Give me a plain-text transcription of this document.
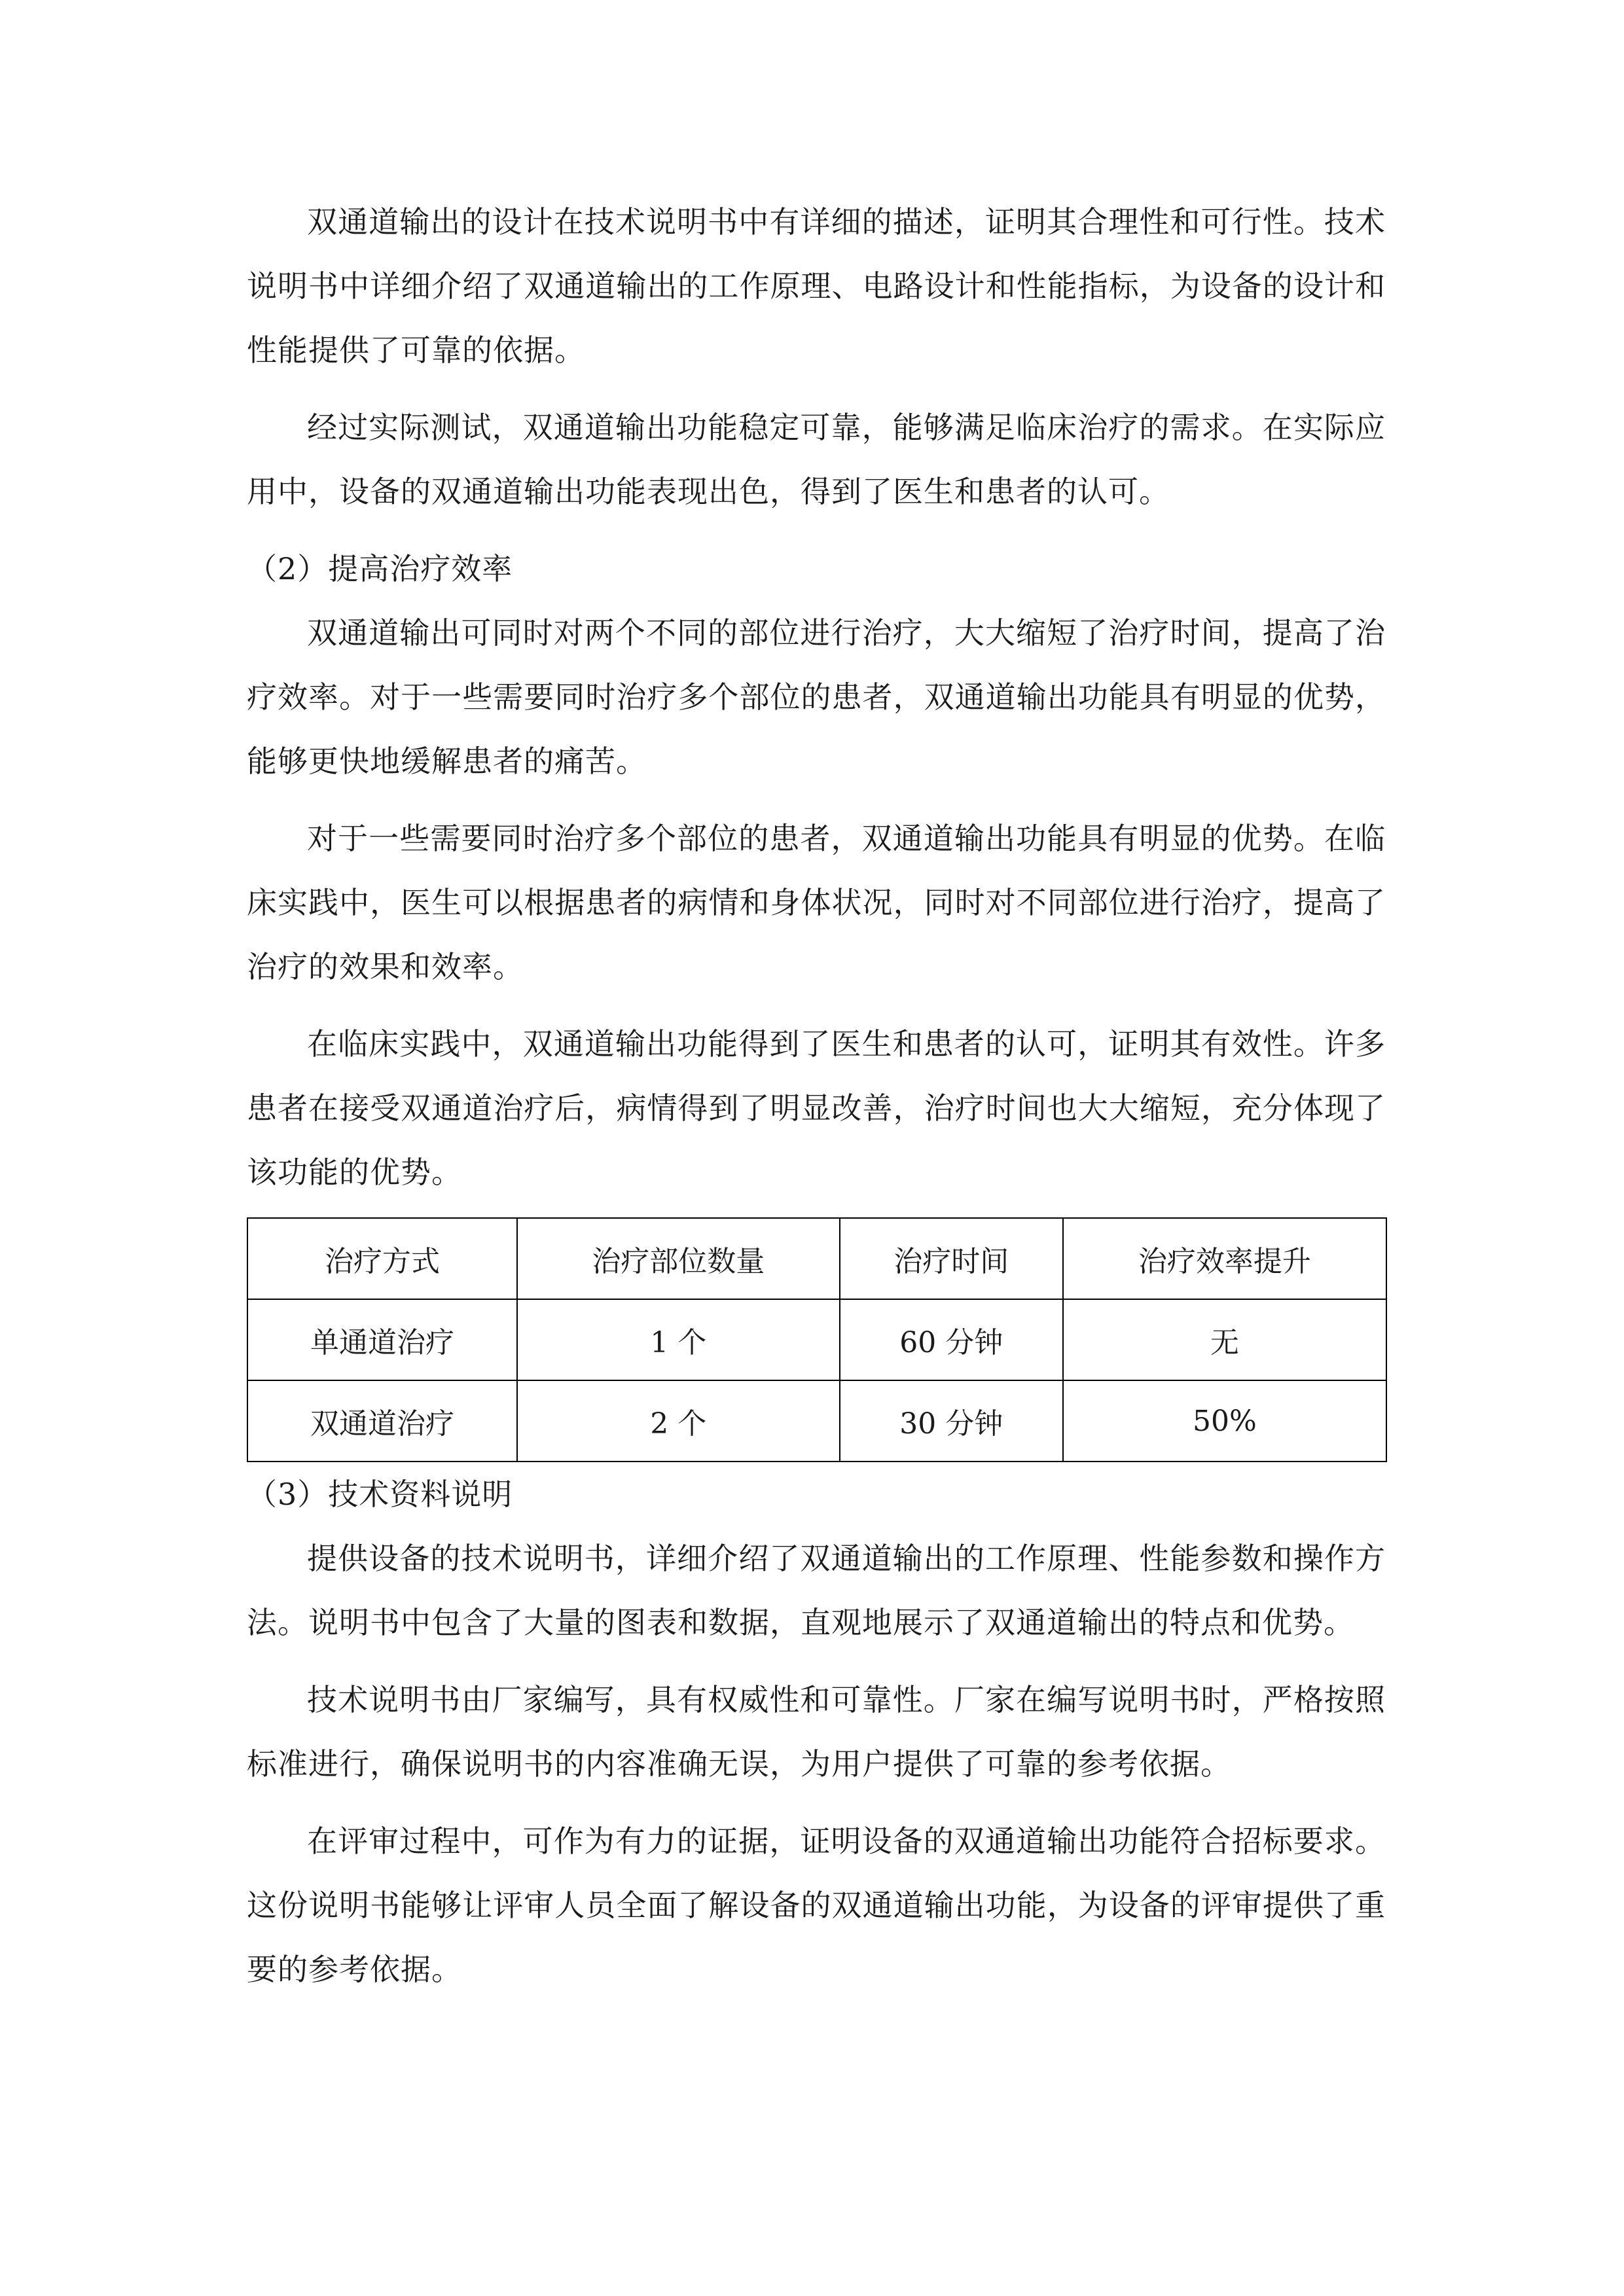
双通道输出的设计在技术说明书中有详细的描述，证明其合理性和可行性。技术说明书中详细介绍了双通道输出的工作原理、电路设计和性能指标，为设备的设计和性能提供了可靠的依据。

经过实际测试，双通道输出功能稳定可靠，能够满足临床治疗的需求。在实际应用中，设备的双通道输出功能表现出色，得到了医生和患者的认可。

（2）提高治疗效率

双通道输出可同时对两个不同的部位进行治疗，大大缩短了治疗时间，提高了治疗效率。对于一些需要同时治疗多个部位的患者，双通道输出功能具有明显的优势，能够更快地缓解患者的痛苦。

对于一些需要同时治疗多个部位的患者，双通道输出功能具有明显的优势。在临床实践中，医生可以根据患者的病情和身体状况，同时对不同部位进行治疗，提高了治疗的效果和效率。

在临床实践中，双通道输出功能得到了医生和患者的认可，证明其有效性。许多患者在接受双通道治疗后，病情得到了明显改善，治疗时间也大大缩短，充分体现了该功能的优势。

治疗方式	治疗部位数量	治疗时间	治疗效率提升
单通道治疗	1 个	60 分钟	无
双通道治疗	2 个	30 分钟	50%

（3）技术资料说明

提供设备的技术说明书，详细介绍了双通道输出的工作原理、性能参数和操作方法。说明书中包含了大量的图表和数据，直观地展示了双通道输出的特点和优势。

技术说明书由厂家编写，具有权威性和可靠性。厂家在编写说明书时，严格按照标准进行，确保说明书的内容准确无误，为用户提供了可靠的参考依据。

在评审过程中，可作为有力的证据，证明设备的双通道输出功能符合招标要求。这份说明书能够让评审人员全面了解设备的双通道输出功能，为设备的评审提供了重要的参考依据。
